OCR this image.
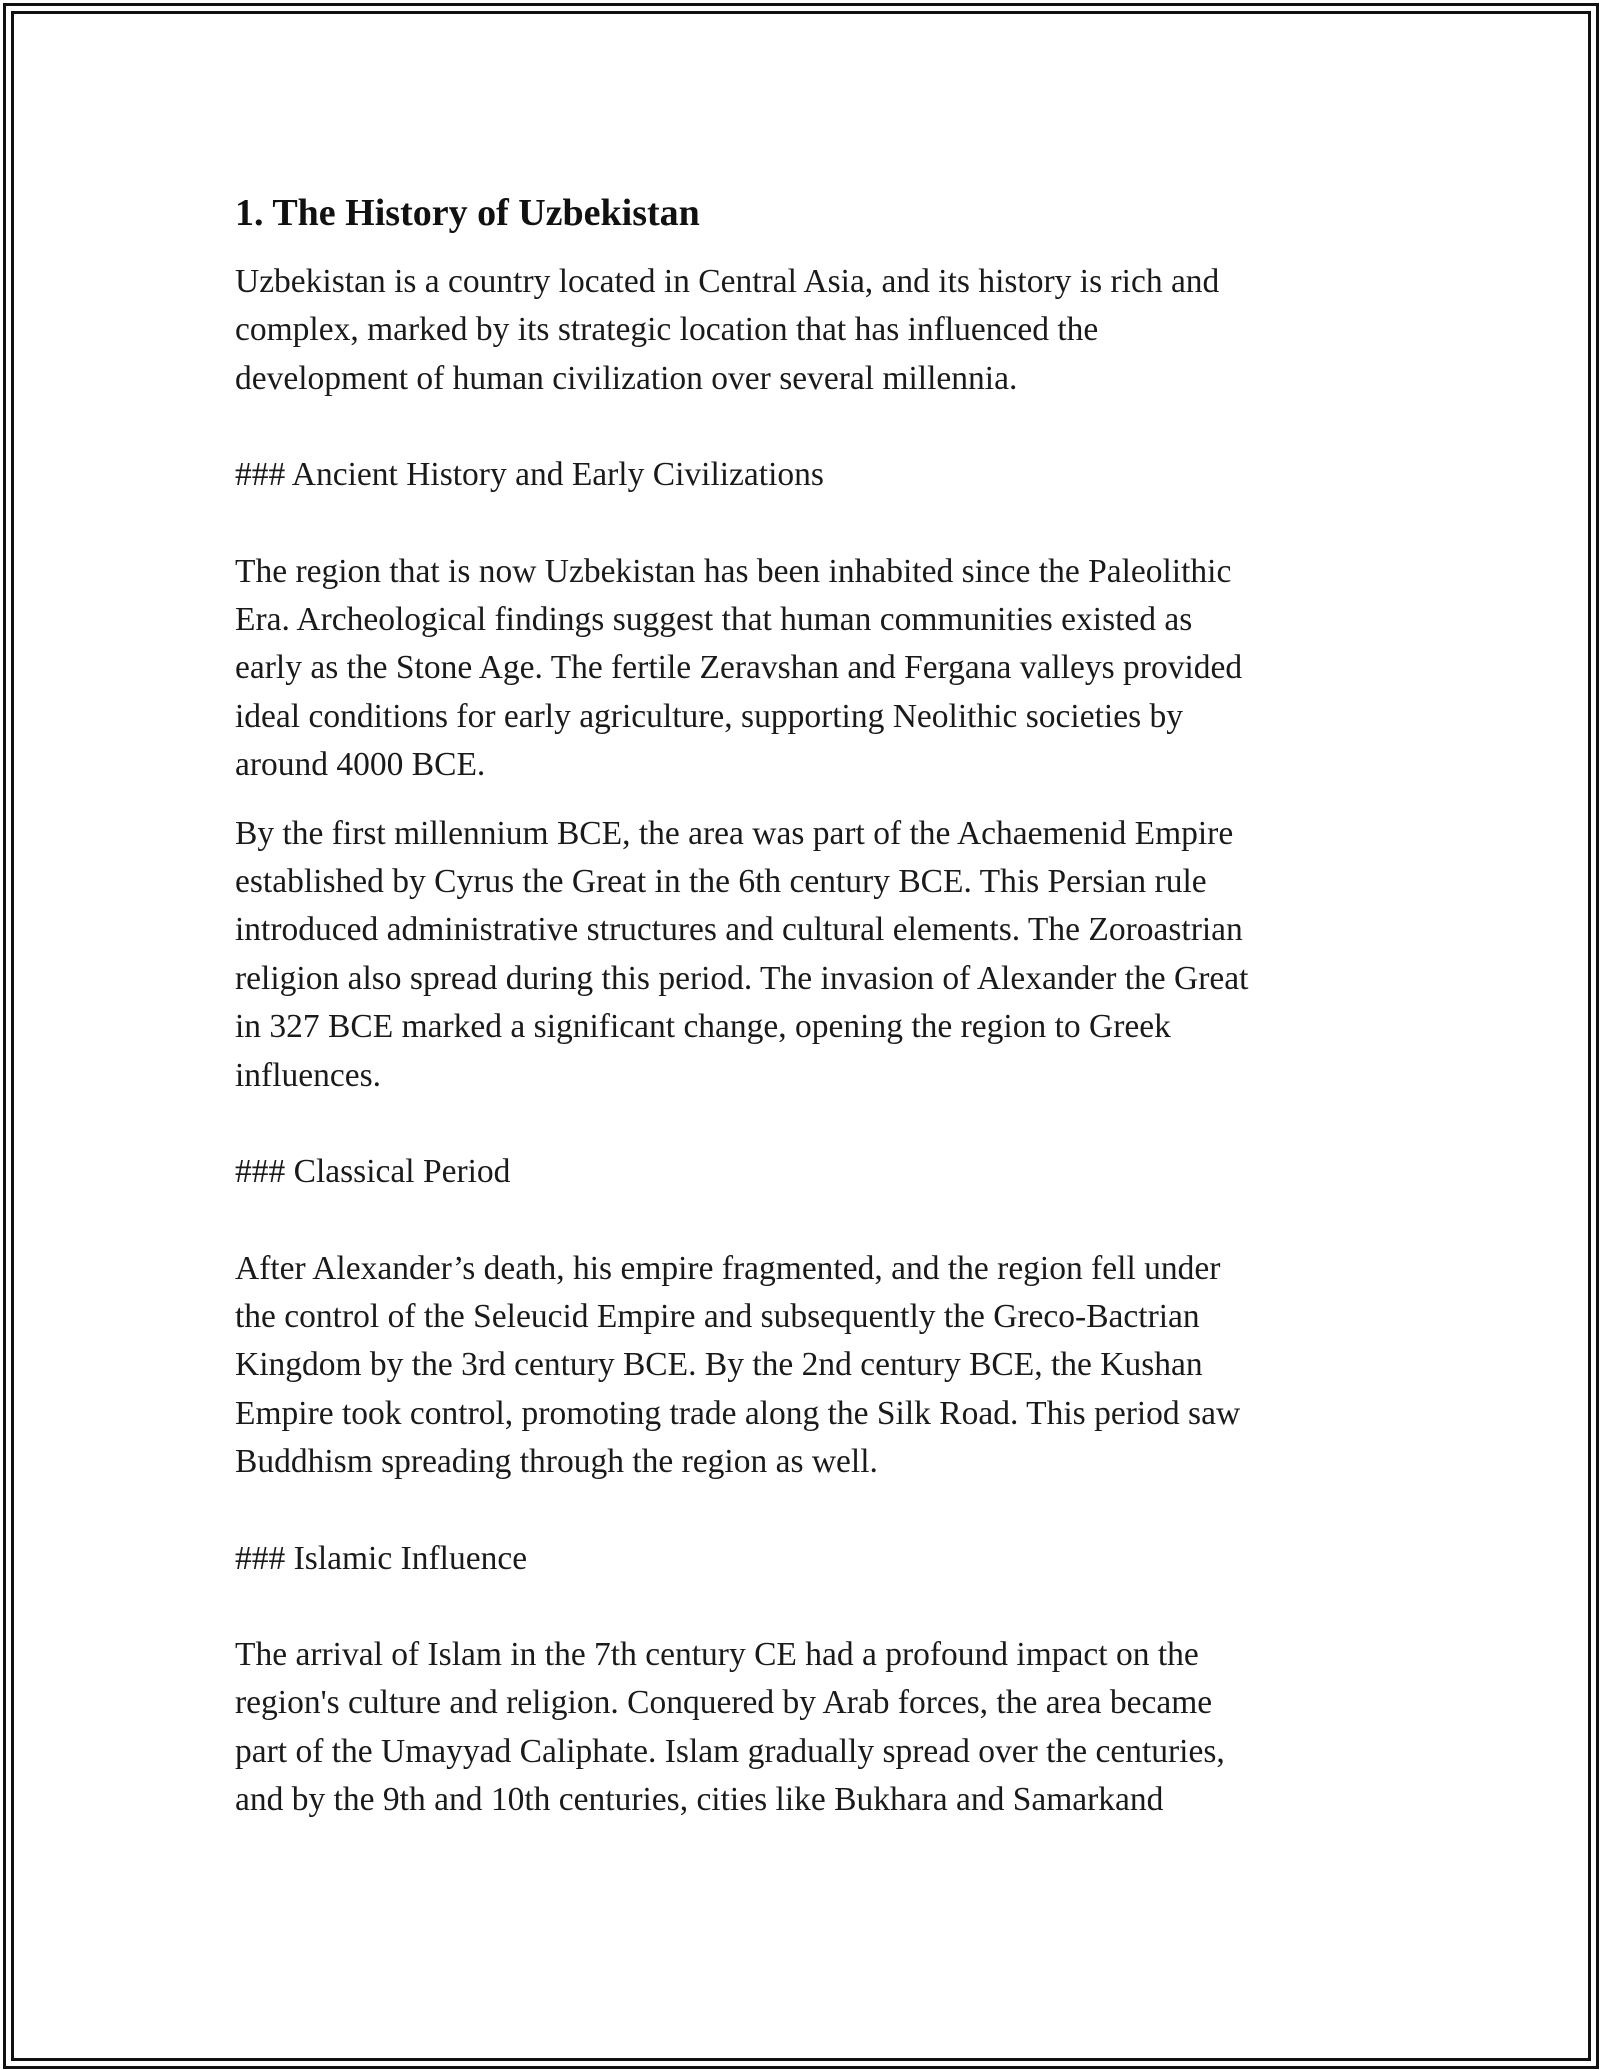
1. The History of Uzbekistan

Uzbekistan is a country located in Central Asia, and its history is rich and
complex, marked by its strategic location that has influenced the
development of human civilization over several millennia.

### Ancient History and Early Civilizations

The region that is now Uzbekistan has been inhabited since the Paleolithic
Era. Archeological findings suggest that human communities existed as
early as the Stone Age. The fertile Zeravshan and Fergana valleys provided
ideal conditions for early agriculture, supporting Neolithic societies by
around 4000 BCE.

By the first millennium BCE, the area was part of the Achaemenid Empire
established by Cyrus the Great in the 6th century BCE. This Persian rule
introduced administrative structures and cultural elements. The Zoroastrian
religion also spread during this period. The invasion of Alexander the Great
in 327 BCE marked a significant change, opening the region to Greek
influences.

### Classical Period

After Alexander’s death, his empire fragmented, and the region fell under
the control of the Seleucid Empire and subsequently the Greco-Bactrian
Kingdom by the 3rd century BCE. By the 2nd century BCE, the Kushan
Empire took control, promoting trade along the Silk Road. This period saw
Buddhism spreading through the region as well.

### Islamic Influence

The arrival of Islam in the 7th century CE had a profound impact on the
region's culture and religion. Conquered by Arab forces, the area became
part of the Umayyad Caliphate. Islam gradually spread over the centuries,
and by the 9th and 10th centuries, cities like Bukhara and Samarkand
